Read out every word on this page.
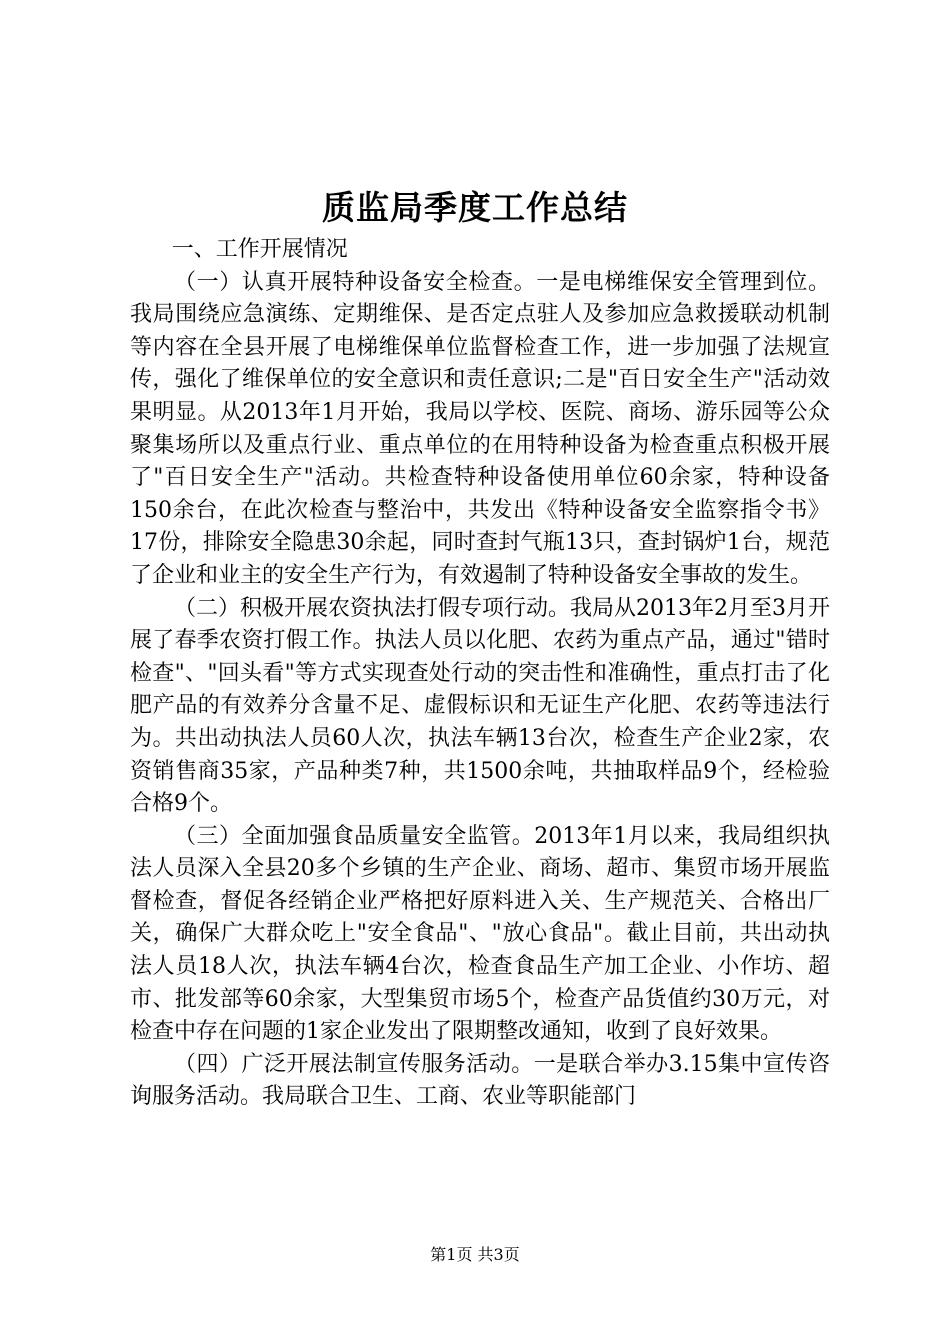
质监局季度工作总结

一、工作开展情况

（一）认真开展特种设备安全检查。一是电梯维保安全管理到位。我局围绕应急演练、定期维保、是否定点驻人及参加应急救援联动机制等内容在全县开展了电梯维保单位监督检查工作，进一步加强了法规宣传，强化了维保单位的安全意识和责任意识;二是"百日安全生产"活动效果明显。从2013年1月开始，我局以学校、医院、商场、游乐园等公众聚集场所以及重点行业、重点单位的在用特种设备为检查重点积极开展了"百日安全生产"活动。共检查特种设备使用单位60余家，特种设备150余台，在此次检查与整治中，共发出《特种设备安全监察指令书》17份，排除安全隐患30余起，同时查封气瓶13只，查封锅炉1台，规范了企业和业主的安全生产行为，有效遏制了特种设备安全事故的发生。

（二）积极开展农资执法打假专项行动。我局从2013年2月至3月开展了春季农资打假工作。执法人员以化肥、农药为重点产品，通过"错时检查"、"回头看"等方式实现查处行动的突击性和准确性，重点打击了化肥产品的有效养分含量不足、虚假标识和无证生产化肥、农药等违法行为。共出动执法人员60人次，执法车辆13台次，检查生产企业2家，农资销售商35家，产品种类7种，共1500余吨，共抽取样品9个，经检验合格9个。

（三）全面加强食品质量安全监管。2013年1月以来，我局组织执法人员深入全县20多个乡镇的生产企业、商场、超市、集贸市场开展监督检查，督促各经销企业严格把好原料进入关、生产规范关、合格出厂关，确保广大群众吃上"安全食品"、"放心食品"。截止目前，共出动执法人员18人次，执法车辆4台次，检查食品生产加工企业、小作坊、超市、批发部等60余家，大型集贸市场5个，检查产品货值约30万元，对检查中存在问题的1家企业发出了限期整改通知，收到了良好效果。

（四）广泛开展法制宣传服务活动。一是联合举办3.15集中宣传咨询服务活动。我局联合卫生、工商、农业等职能部门

第1页 共3页
